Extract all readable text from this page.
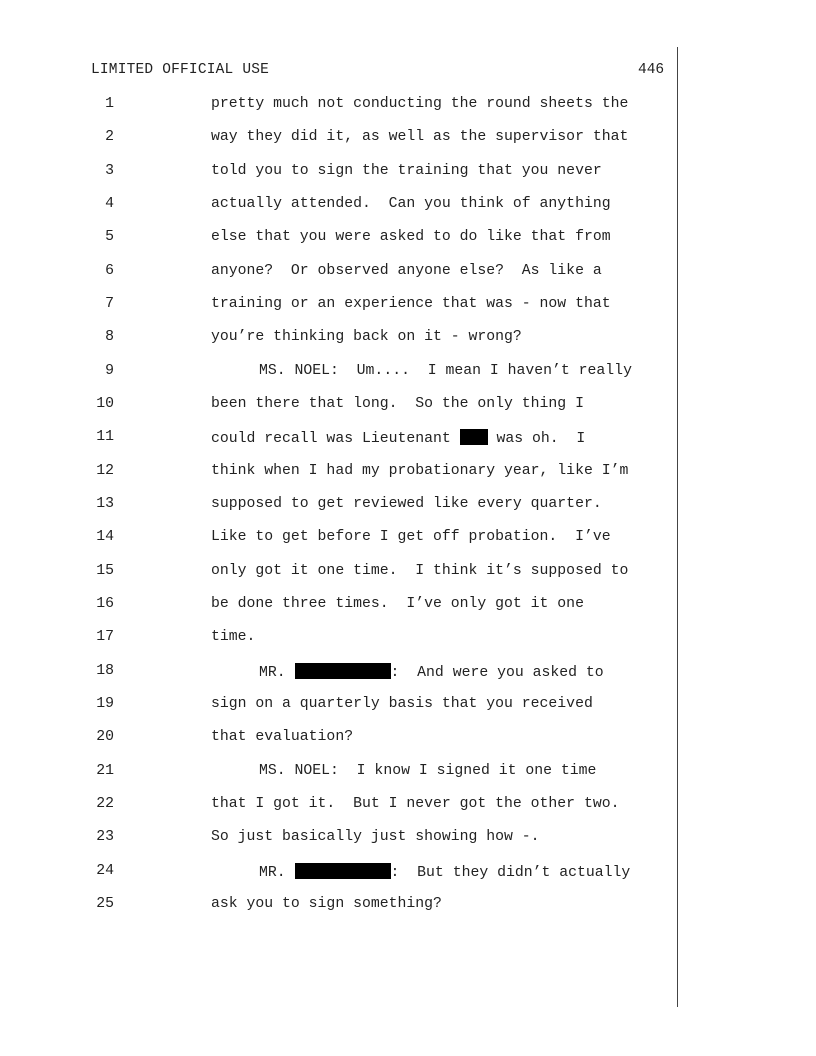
LIMITED OFFICIAL USE	446

1

	pretty much not conducting the round sheets the

2

	way they did it, as well as the supervisor that

3

	told you to sign the training that you never

4

	actually attended.  Can you think of anything

5

	else that you were asked to do like that from

6

	anyone?  Or observed anyone else?  As like a

7

	training or an experience that was - now that

8

	you’re thinking back on it - wrong?

9

	MS. NOEL:  Um....  I mean I haven’t really

10

	been there that long.  So the only thing I

11

	could recall was Lieutenant  was oh.  I

12

	think when I had my probationary year, like I’m

13

	supposed to get reviewed like every quarter.

14

	Like to get before I get off probation.  I’ve

15

	only got it one time.  I think it’s supposed to

16

	be done three times.  I’ve only got it one

17

	time.

18

	MR.	:  And were you asked to

19

	sign on a quarterly basis that you received

20

	that evaluation?

21

	MS. NOEL:  I know I signed it one time

22

	that I got it.  But I never got the other two.

23

	So just basically just showing how -.

24

	MR.	:  But they didn’t actually

25

	ask you to sign something?
